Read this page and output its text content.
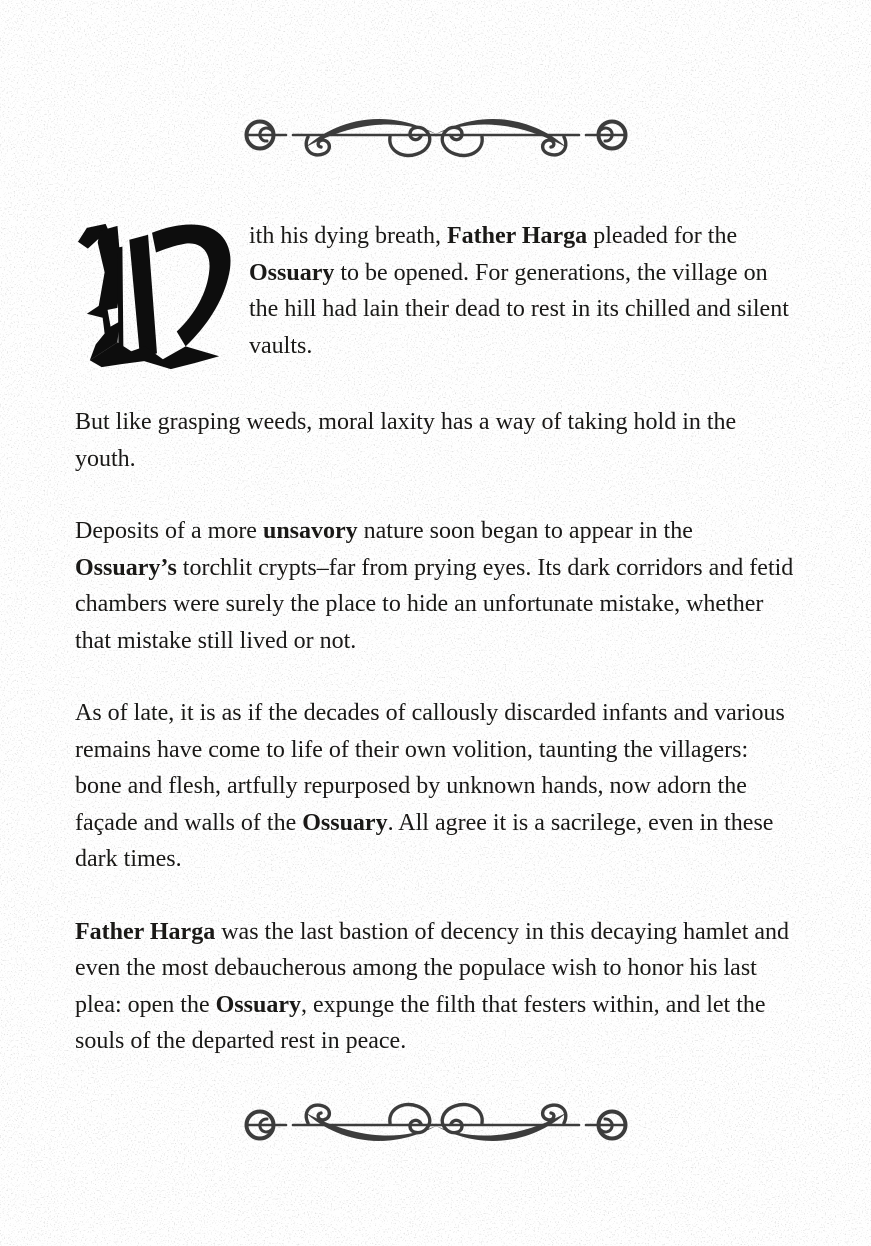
ith his dying breath, Father Harga pleaded for the Ossuary to be opened. For generations, the village on the hill had lain their dead to rest in its chilled and silent vaults.

But like grasping weeds, moral laxity has a way of taking hold in the youth.

Deposits of a more unsavory nature soon began to appear in the Ossuary’s torchlit crypts–far from prying eyes. Its dark corridors and fetid chambers were surely the place to hide an unfortunate mistake, whether that mistake still lived or not.

As of late, it is as if the decades of callously discarded infants and various remains have come to life of their own volition, taunting the villagers: bone and flesh, artfully repurposed by unknown hands, now adorn the façade and walls of the Ossuary. All agree it is a sacrilege, even in these dark times.

Father Harga was the last bastion of decency in this decaying hamlet and even the most debaucherous among the populace wish to honor his last plea: open the Ossuary, expunge the filth that festers within, and let the souls of the departed rest in peace.
